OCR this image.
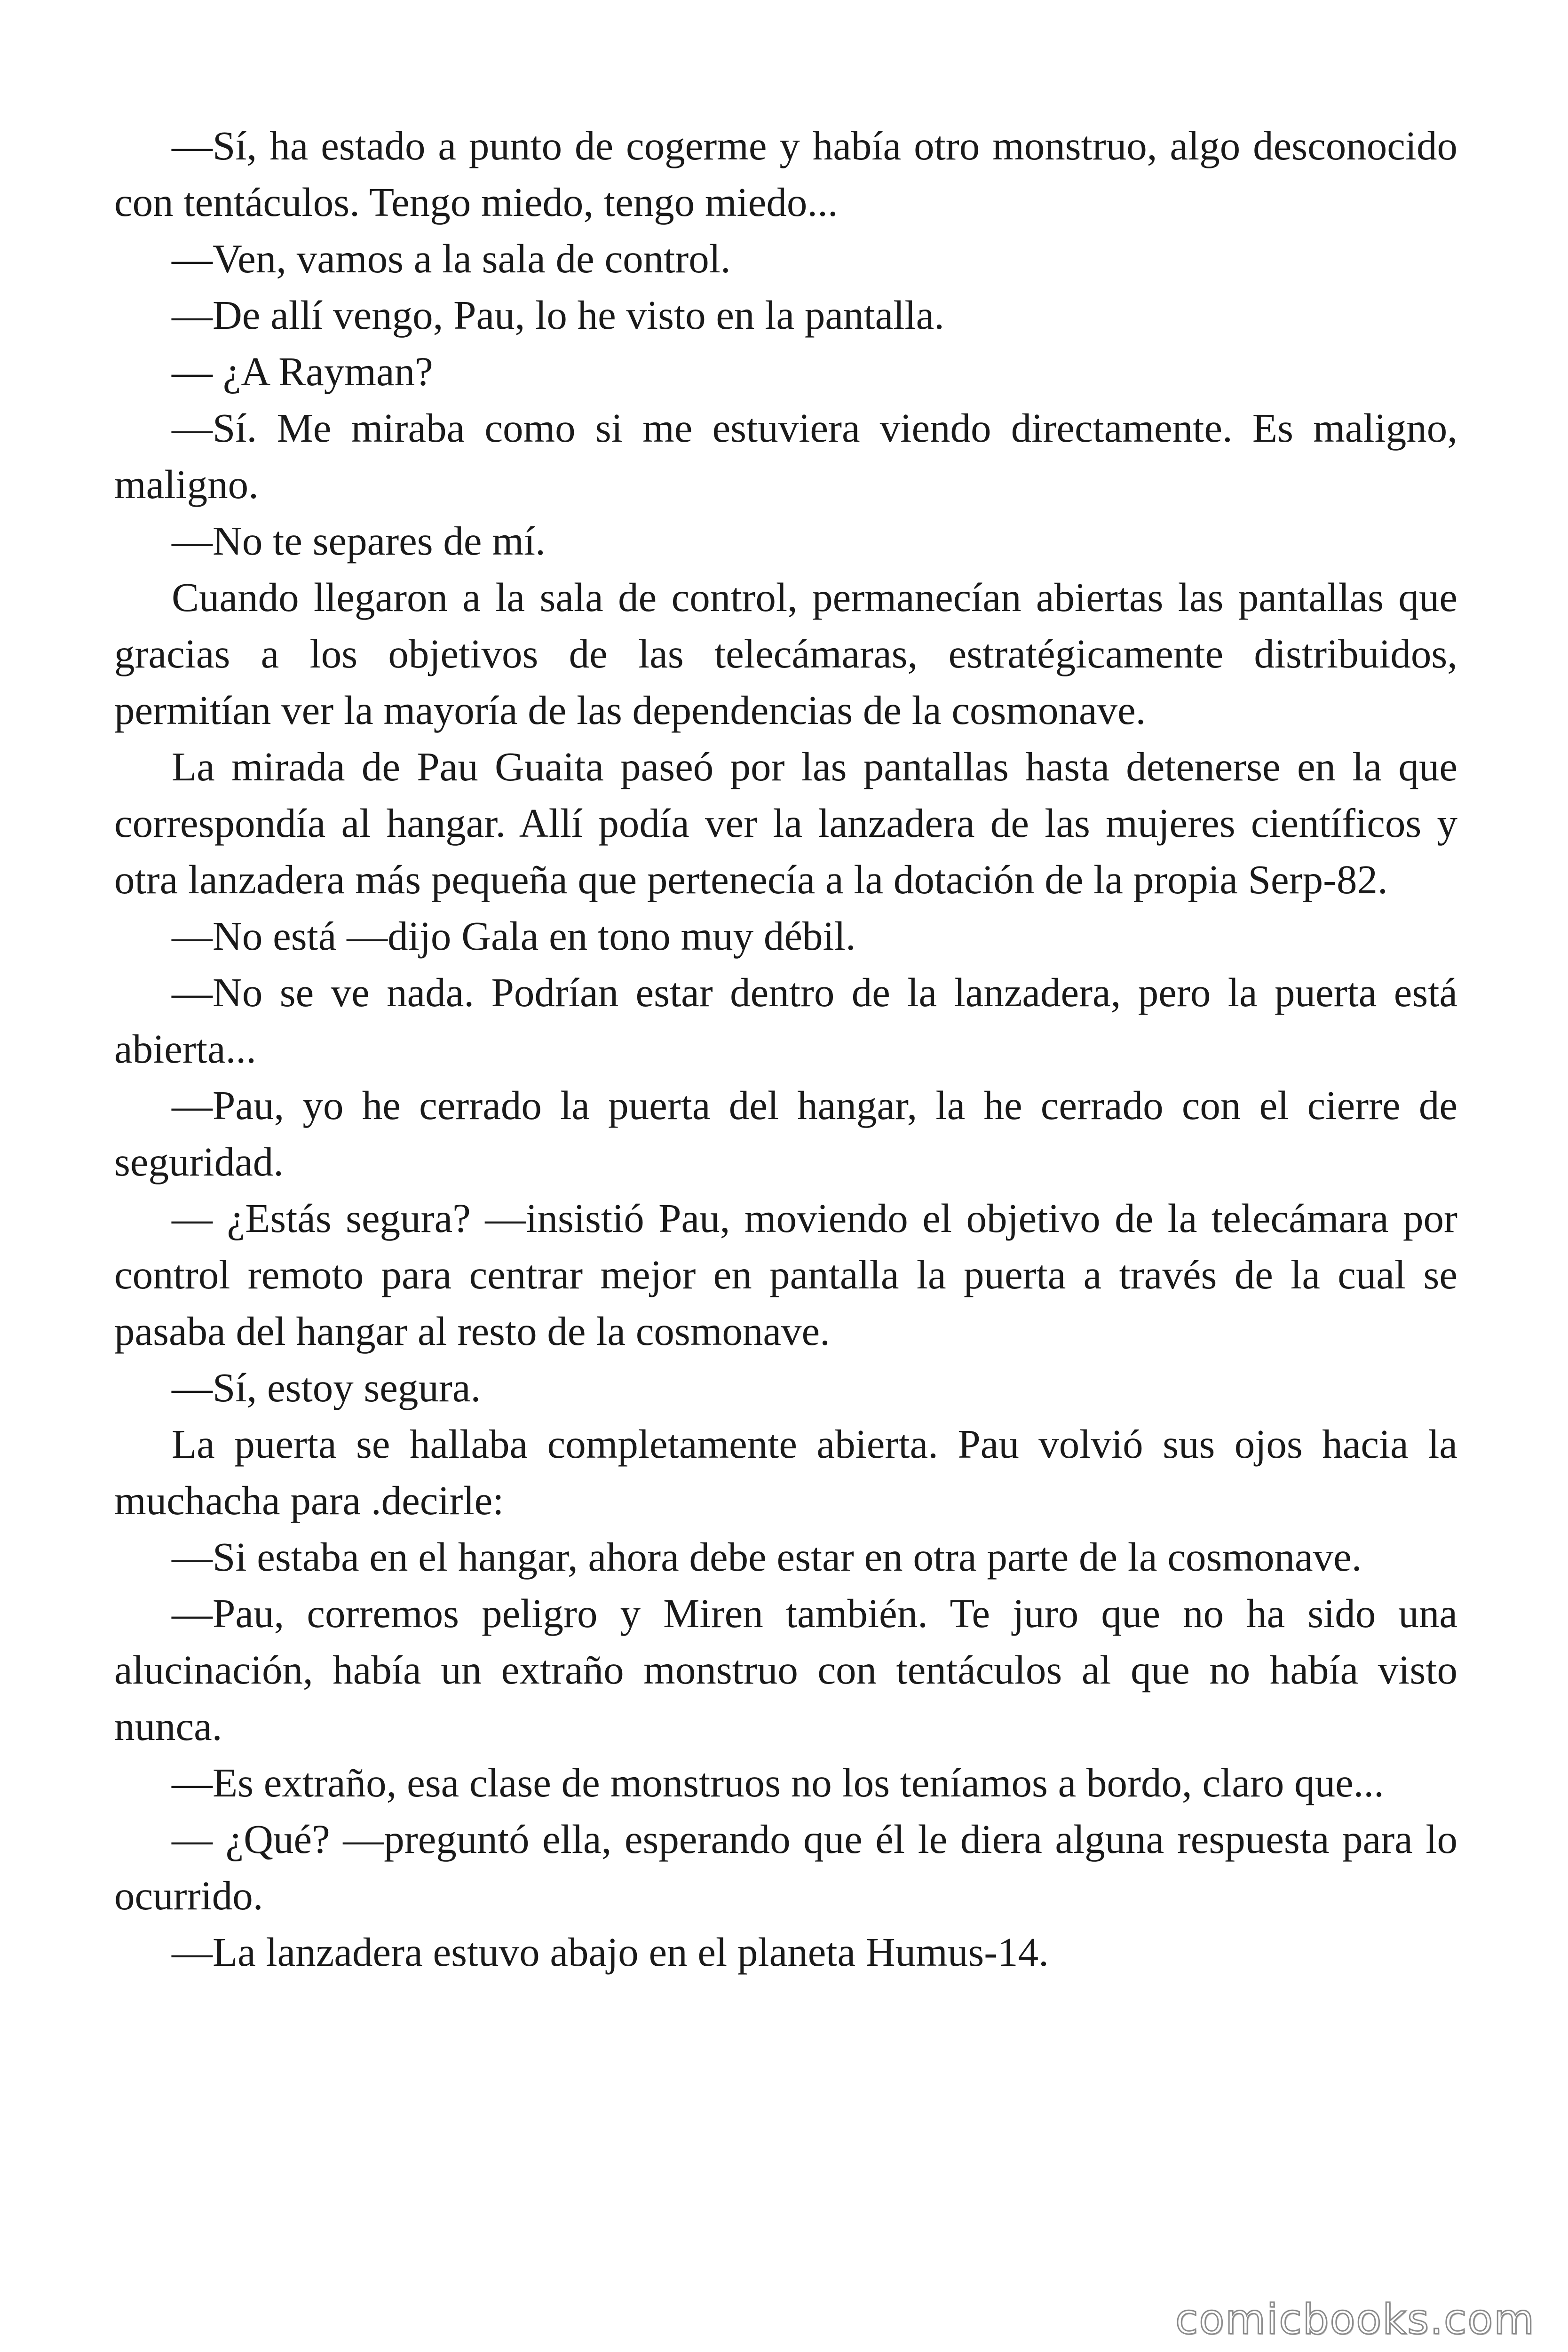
—Sí, ha estado a punto de cogerme y había otro monstruo, algo desconocido con tentáculos. Tengo miedo, tengo miedo...

—Ven, vamos a la sala de control.

—De allí vengo, Pau, lo he visto en la pantalla.

— ¿A Rayman?

—Sí. Me miraba como si me estuviera viendo directamente. Es maligno, maligno.

—No te separes de mí.

Cuando llegaron a la sala de control, permanecían abiertas las pantallas que gracias a los objetivos de las telecámaras, estratégicamente distribuidos, permitían ver la mayoría de las dependencias de la cosmonave.

La mirada de Pau Guaita paseó por las pantallas hasta detenerse en la que correspondía al hangar. Allí podía ver la lanzadera de las mujeres científicos y otra lanzadera más pequeña que pertenecía a la dotación de la propia Serp-82.

—No está —dijo Gala en tono muy débil.

—No se ve nada. Podrían estar dentro de la lanzadera, pero la puerta está abierta...

—Pau, yo he cerrado la puerta del hangar, la he cerrado con el cierre de seguridad.

— ¿Estás segura? —insistió Pau, moviendo el objetivo de la telecámara por control remoto para centrar mejor en pantalla la puerta a través de la cual se pasaba del hangar al resto de la cosmonave.

—Sí, estoy segura.

La puerta se hallaba completamente abierta. Pau volvió sus ojos hacia la muchacha para .decirle:

—Si estaba en el hangar, ahora debe estar en otra parte de la cosmonave.

—Pau, corremos peligro y Miren también. Te juro que no ha sido una alucinación, había un extraño monstruo con tentáculos al que no había visto nunca.

—Es extraño, esa clase de monstruos no los teníamos a bordo, claro que...

— ¿Qué? —preguntó ella, esperando que él le diera alguna respuesta para lo ocurrido.

—La lanzadera estuvo abajo en el planeta Humus-14.

comicbooks.com
